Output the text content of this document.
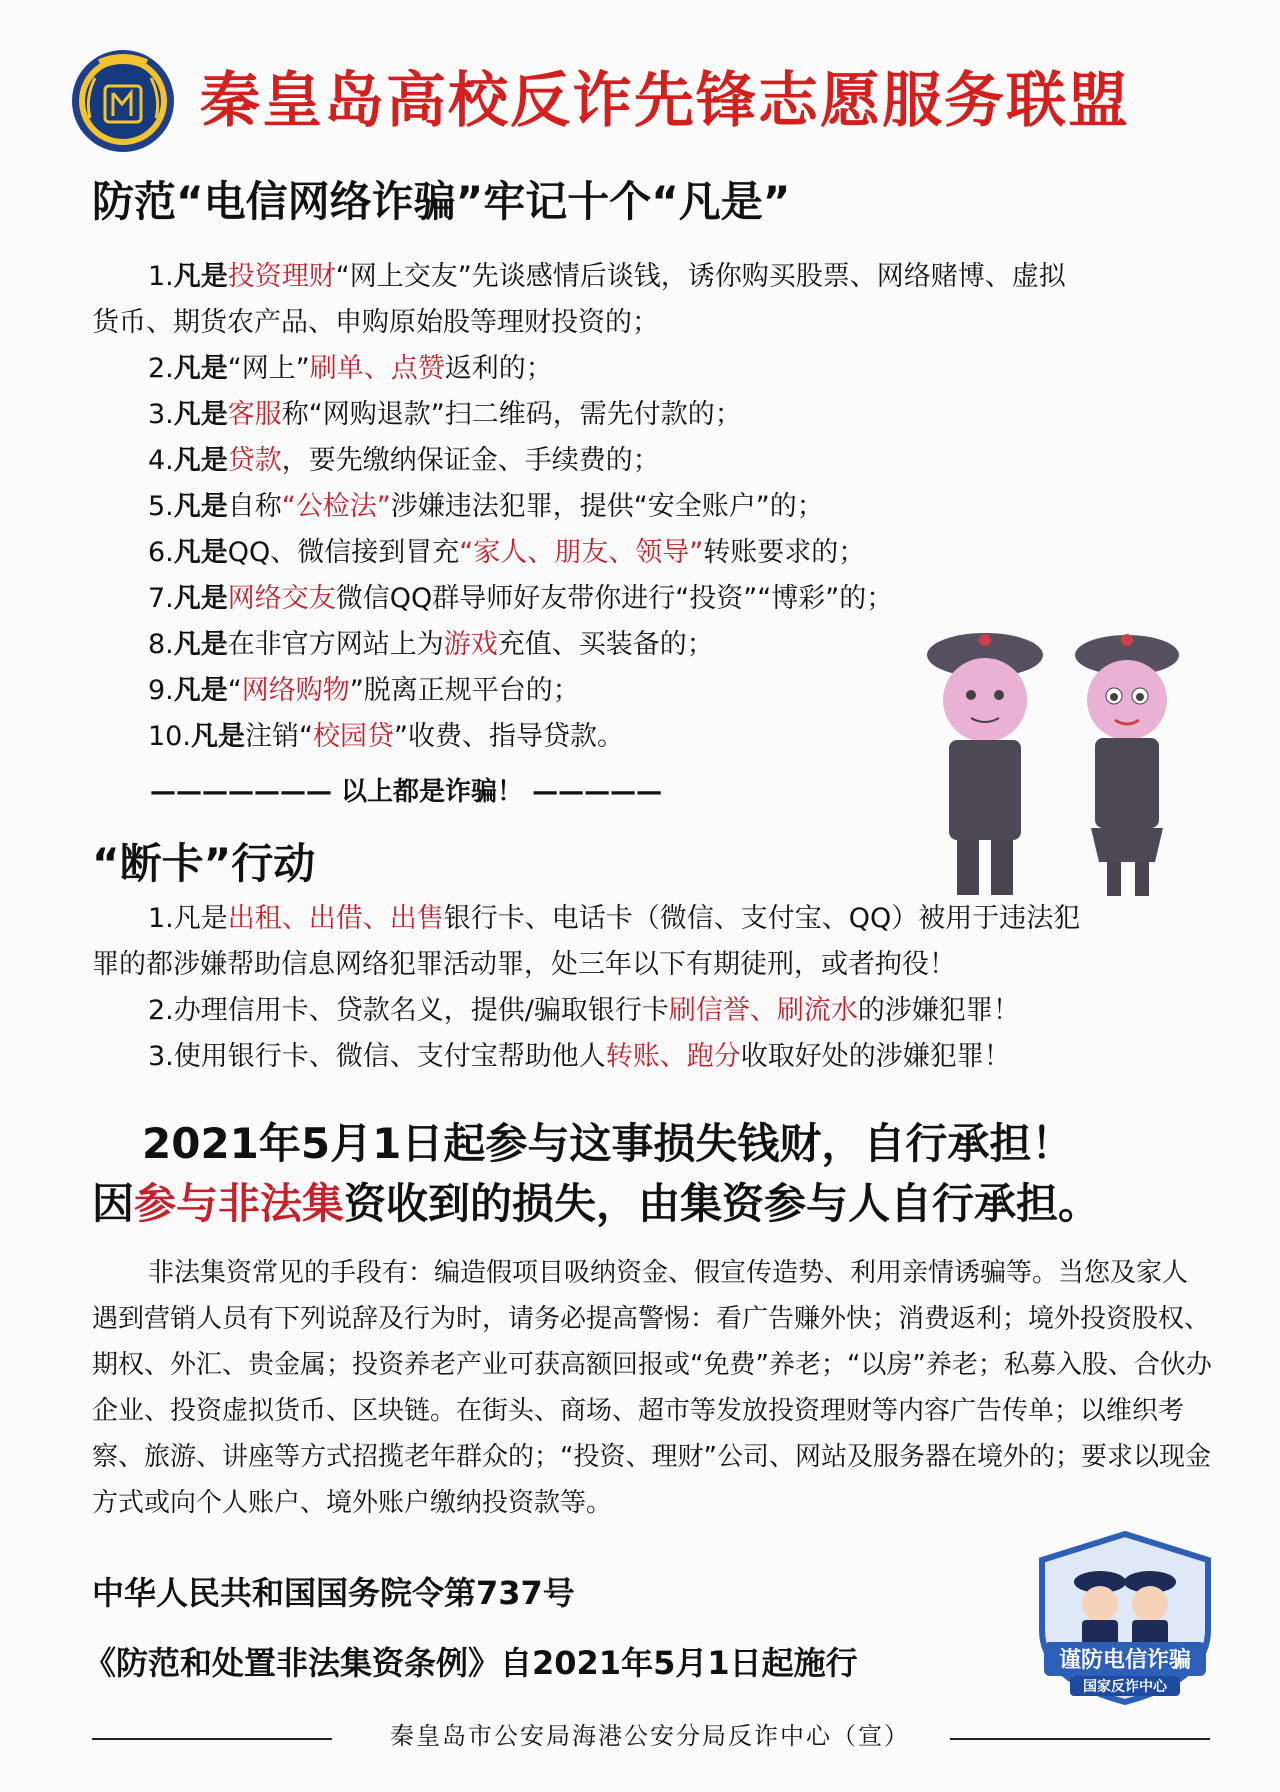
秦皇岛高校反诈先锋志愿服务联盟
防范“电信网络诈骗”牢记十个“凡是”
1.凡是投资理财“网上交友”先谈感情后谈钱，诱你购买股票、网络赌博、虚拟
2.凡是“网上”刷单、点赞返利的；
3.凡是客服称“网购退款”扫二维码，需先付款的；
4.凡是贷款，要先缴纳保证金、手续费的；
5.凡是自称“公检法”涉嫌违法犯罪，提供“安全账户”的；
6.凡是QQ、微信接到冒充“家人、朋友、领导”转账要求的；
7.凡是网络交友微信QQ群导师好友带你进行“投资”“博彩”的；
8.凡是在非官方网站上为游戏充值、买装备的；
9.凡是“网络购物”脱离正规平台的；
10.凡是注销“校园贷”收费、指导贷款。
货币、期货农产品、申购原始股等理财投资的；
——————— 以上都是诈骗！ —————
“断卡”行动
1.凡是出租、出借、出售银行卡、电话卡（微信、支付宝、QQ）被用于违法犯
罪的都涉嫌帮助信息网络犯罪活动罪，处三年以下有期徒刑，或者拘役！
2.办理信用卡、贷款名义，提供/骗取银行卡刷信誉、刷流水的涉嫌犯罪！
3.使用银行卡、微信、支付宝帮助他人转账、跑分收取好处的涉嫌犯罪！
2021年5月1日起参与这事损失钱财，自行承担！
因参与非法集资收到的损失，由集资参与人自行承担。
非法集资常见的手段有：编造假项目吸纳资金、假宣传造势、利用亲情诱骗等。当您及家人遇到营销人员有下列说辞及行为时，请务必提高警惕：看广告赚外快；消费返利；境外投资股权、期权、外汇、贵金属；投资养老产业可获高额回报或“免费”养老；“以房”养老；私募入股、合伙办企业、投资虚拟货币、区块链。在街头、商场、超市等发放投资理财等内容广告传单；以维织考察、旅游、讲座等方式招揽老年群众的；“投资、理财”公司、网站及服务器在境外的；要求以现金方式或向个人账户、境外账户缴纳投资款等。
中华人民共和国国务院令第737号
《防范和处置非法集资条例》自2021年5月1日起施行	谨防电信诈骗
国家反诈中心
秦皇岛市公安局海港公安分局反诈中心（宣）
